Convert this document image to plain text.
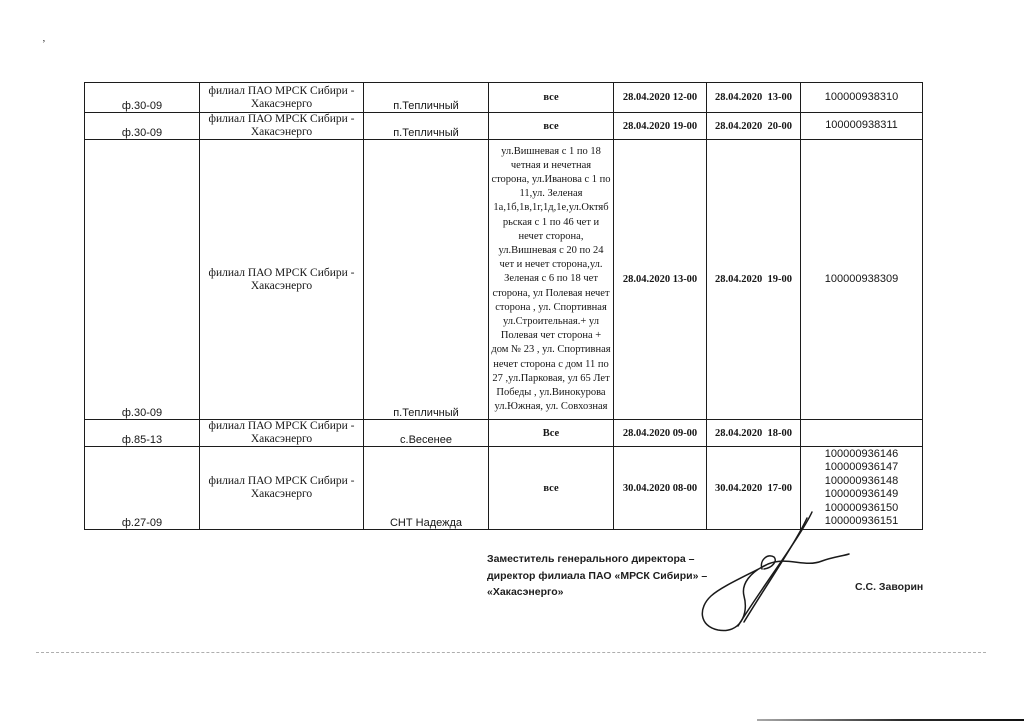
’
ф.30-09	филиал ПАО МРСК Сибири - Хакасэнерго	п.Тепличный	все	28.04.2020 12-00	28.04.2020  13-00	100000938310
ф.30-09	филиал ПАО МРСК Сибири - Хакасэнерго	п.Тепличный	все	28.04.2020 19-00	28.04.2020  20-00	100000938311
ф.30-09	филиал ПАО МРСК Сибири - Хакасэнерго	п.Тепличный	ул.Вишневая с 1 по 18 четная и нечетная сторона, ул.Иванова с 1 по 11,ул. Зеленая 1а,1б,1в,1г,1д,1е,ул.Октябрьская с 1 по 46 чет и нечет сторона, ул.Вишневая с 20 по 24 чет и нечет сторона,ул. Зеленая с 6 по 18 чет сторона, ул Полевая нечет сторона , ул. Спортивная ул.Строительная.+ ул Полевая чет сторона + дом № 23 , ул. Спортивная нечет сторона с дом 11 по 27 ,ул.Парковая, ул 65 Лет Победы , ул.Винокурова ул.Южная, ул. Совхозная	28.04.2020 13-00	28.04.2020  19-00	100000938309
ф.85-13	филиал ПАО МРСК Сибири - Хакасэнерго	с.Весенее	Все	28.04.2020 09-00	28.04.2020  18-00	
ф.27-09	филиал ПАО МРСК Сибири - Хакасэнерго	СНТ Надежда	все	30.04.2020 08-00	30.04.2020  17-00	
100000936146
100000936147
100000936148
100000936149
100000936150
100000936151
Заместитель генерального директора –
директор филиала ПАО «МРСК Сибири» –
«Хакасэнерго»	С.С. Заворин
